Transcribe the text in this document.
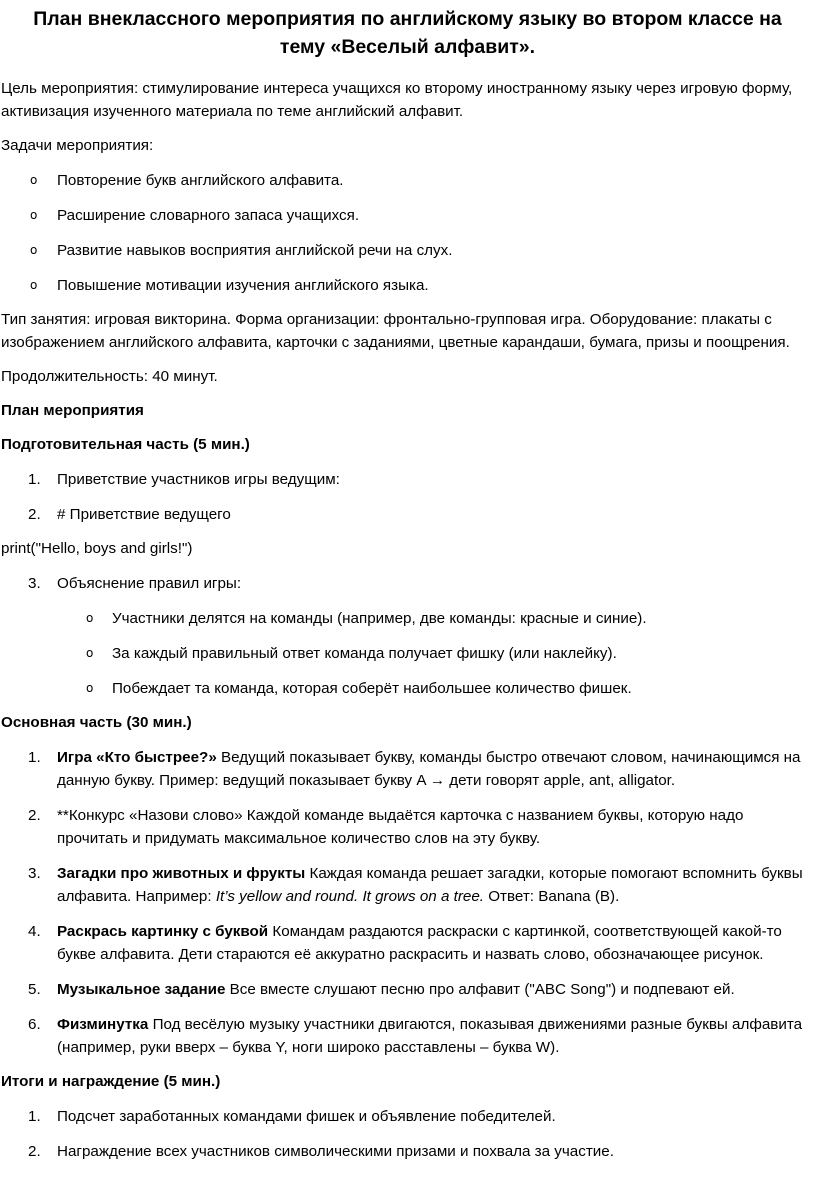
План внеклассного мероприятия по английскому языку во втором классе на тему «Веселый алфавит».

Цель мероприятия: стимулирование интереса учащихся ко второму иностранному языку через игровую форму, активизация изученного материала по теме английский алфавит.

Задачи мероприятия:

o Повторение букв английского алфавита.
o Расширение словарного запаса учащихся.
o Развитие навыков восприятия английской речи на слух.
o Повышение мотивации изучения английского языка.

Тип занятия: игровая викторина. Форма организации: фронтально-групповая игра. Оборудование: плакаты с изображением английского алфавита, карточки с заданиями, цветные карандаши, бумага, призы и поощрения.

Продолжительность: 40 минут.

План мероприятия

Подготовительная часть (5 мин.)

1. Приветствие участников игры ведущим:
2. # Приветствие ведущего

print("Hello, boys and girls!")

3. Объяснение правил игры:
o Участники делятся на команды (например, две команды: красные и синие).
o За каждый правильный ответ команда получает фишку (или наклейку).
o Побеждает та команда, которая соберёт наибольшее количество фишек.

Основная часть (30 мин.)

1. Игра «Кто быстрее?» Ведущий показывает букву, команды быстро отвечают словом, начинающимся на данную букву. Пример: ведущий показывает букву A → дети говорят apple, ant, alligator.
2. **Конкурс «Назови слово» Каждой команде выдаётся карточка с названием буквы, которую надо прочитать и придумать максимальное количество слов на эту букву.
3. Загадки про животных и фрукты Каждая команда решает загадки, которые помогают вспомнить буквы алфавита. Например: It’s yellow and round. It grows on a tree. Ответ: Banana (B).
4. Раскрась картинку с буквой Командам раздаются раскраски с картинкой, соответствующей какой-то букве алфавита. Дети стараются её аккуратно раскрасить и назвать слово, обозначающее рисунок.
5. Музыкальное задание Все вместе слушают песню про алфавит ("ABC Song") и подпевают ей.
6. Физминутка Под весёлую музыку участники двигаются, показывая движениями разные буквы алфавита (например, руки вверх – буква Y, ноги широко расставлены – буква W).

Итоги и награждение (5 мин.)

1. Подсчет заработанных командами фишек и объявление победителей.
2. Награждение всех участников символическими призами и похвала за участие.
